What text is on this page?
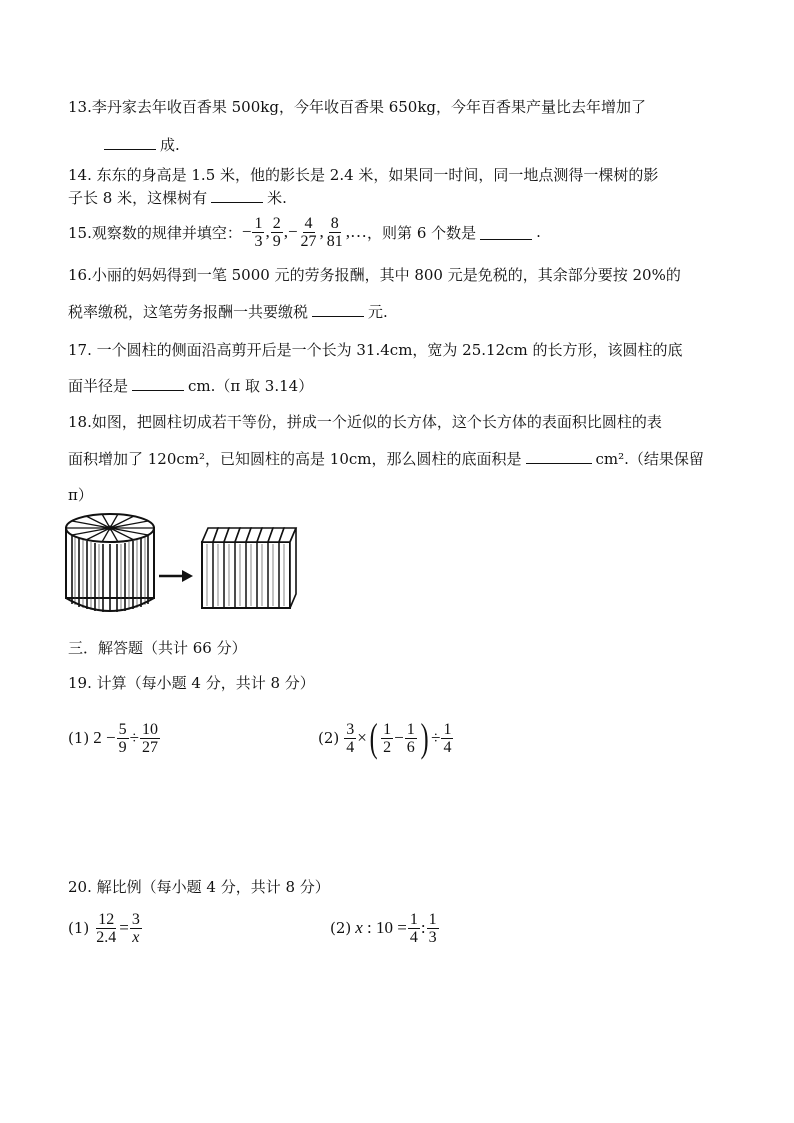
13.李丹家去年收百香果 500kg，今年收百香果 650kg，今年百香果产量比去年增加了
成.
14. 东东的身高是 1.5 米，他的影长是 2.4 米，如果同一时间，同一地点测得一棵树的影
子长 8 米，这棵树有	米.
15.观察数的规律并填空： − $\frac{1}{3}$ , $\frac{2}{9}$ , − $\frac{4}{27}$ , $\frac{8}{81}$ ,… ，则第 6 个数是	.
16.小丽的妈妈得到一笔 5000 元的劳务报酬，其中 800 元是免税的，其余部分要按 20%的
税率缴税，这笔劳务报酬一共要缴税	元.
17. 一个圆柱的侧面沿高剪开后是一个长为 31.4cm，宽为 25.12cm 的长方形，该圆柱的底
面半径是	cm.（π 取 3.14）
18.如图，把圆柱切成若干等份，拼成一个近似的长方体，这个长方体的表面积比圆柱的表
面积增加了 120cm²，已知圆柱的高是 10cm，那么圆柱的底面积是	cm².（结果保留
π）
三．解答题（共计 66 分）
19. 计算（每小题 4 分，共计 8 分）
(1) $2 - \frac{5}{9} \div \frac{10}{27}$	$(2) \frac{3}{4}$ × ( $\frac{1}{2} - \frac{1}{6}$ ) ÷ $\frac{1}{4}$
20. 解比例（每小题 4 分，共计 8 分）
$(1) \frac{12}{2.4} = \frac{3}{x}$	(2) x : $10 = \frac{1}{4}$ : $\frac{1}{3}$
